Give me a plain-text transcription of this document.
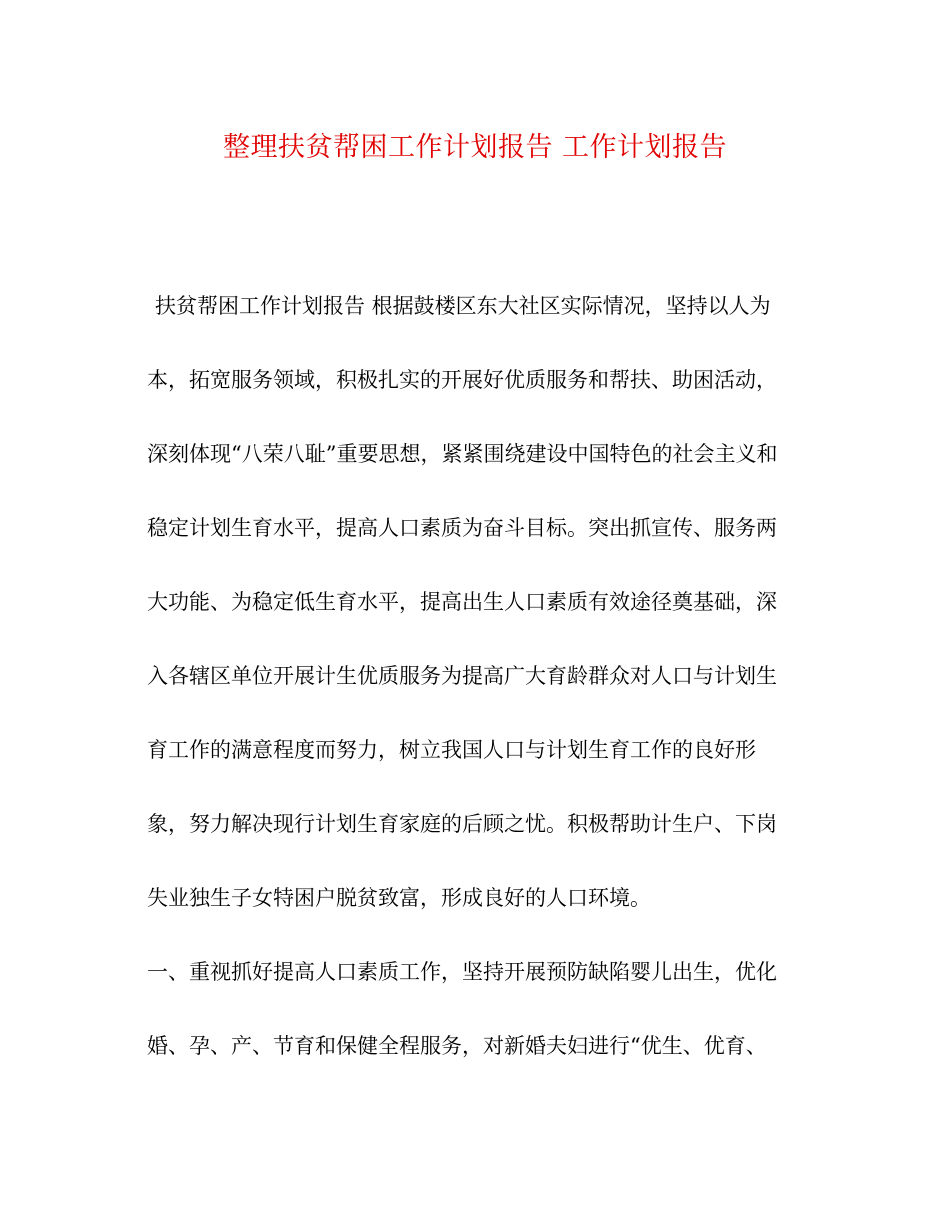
整理扶贫帮困工作计划报告 工作计划报告
扶贫帮困工作计划报告 根据鼓楼区东大社区实际情况，坚持以人为
本，拓宽服务领域，积极扎实的开展好优质服务和帮扶、助困活动，
深刻体现“八荣八耻”重要思想，紧紧围绕建设中国特色的社会主义和
稳定计划生育水平，提高人口素质为奋斗目标。突出抓宣传、服务两
大功能、为稳定低生育水平，提高出生人口素质有效途径奠基础，深
入各辖区单位开展计生优质服务为提高广大育龄群众对人口与计划生
育工作的满意程度而努力，树立我国人口与计划生育工作的良好形
象，努力解决现行计划生育家庭的后顾之忧。积极帮助计生户、下岗
失业独生子女特困户脱贫致富，形成良好的人口环境。
一、重视抓好提高人口素质工作，坚持开展预防缺陷婴儿出生，优化
婚、孕、产、节育和保健全程服务，对新婚夫妇进行“优生、优育、
